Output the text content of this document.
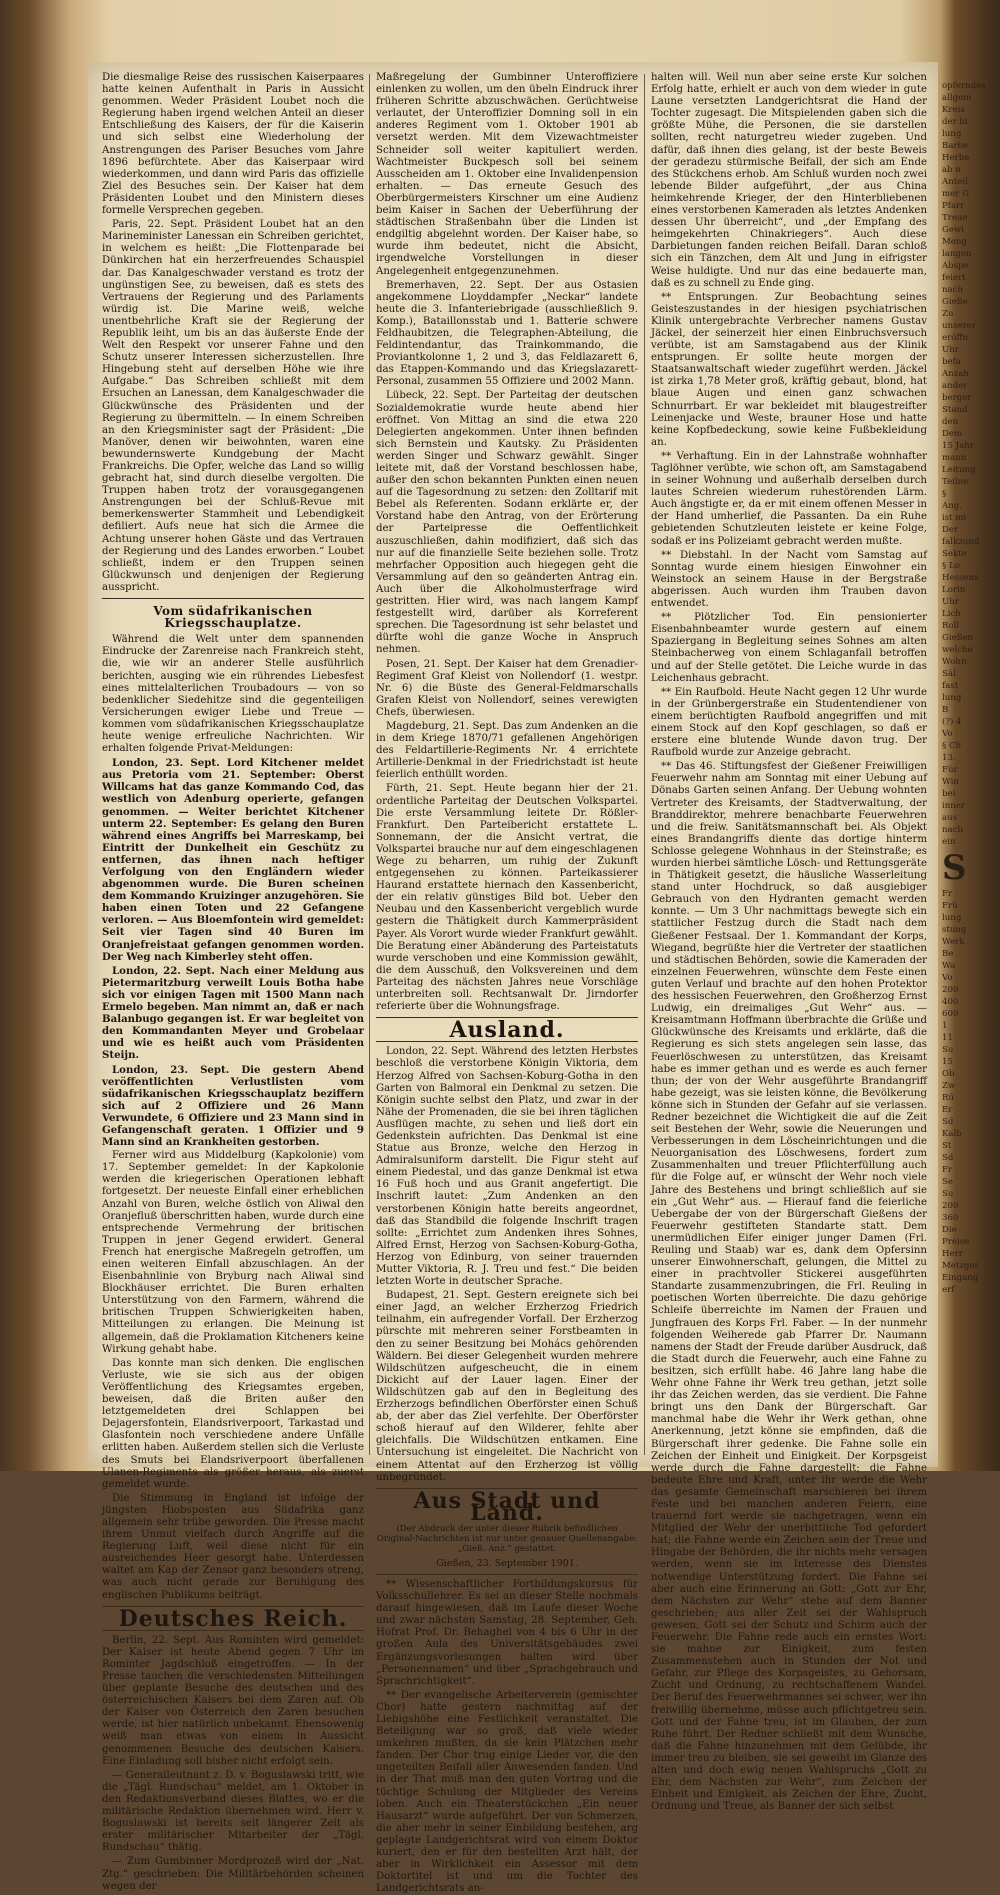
Die diesmalige Reise des russischen Kaiserpaares hatte keinen Aufenthalt in Paris in Aussicht genommen. Weder Präsident Loubet noch die Regierung haben irgend welchen Anteil an dieser Entschließung des Kaisers, der für die Kaiserin und sich selbst eine Wiederholung der Anstrengungen des Pariser Besuches vom Jahre 1896 befürchtete. Aber das Kaiserpaar wird wiederkommen, und dann wird Paris das offizielle Ziel des Besuches sein. Der Kaiser hat dem Präsidenten Loubet und den Ministern dieses formelle Versprechen gegeben.

Paris, 22. Sept. Präsident Loubet hat an den Marineminister Lanessan ein Schreiben gerichtet, in welchem es heißt: „Die Flottenparade bei Dünkirchen hat ein herzerfreuendes Schauspiel dar. Das Kanalgeschwader verstand es trotz der ungünstigen See, zu beweisen, daß es stets des Vertrauens der Regierung und des Parlaments würdig ist. Die Marine weiß, welche unentbehrliche Kraft sie der Regierung der Republik leiht, um bis an das äußerste Ende der Welt den Respekt vor unserer Fahne und den Schutz unserer Interessen sicherzustellen. Ihre Hingebung steht auf derselben Höhe wie ihre Aufgabe.“ Das Schreiben schließt mit dem Ersuchen an Lanessan, dem Kanalgeschwader die Glückwünsche des Präsidenten und der Regierung zu übermitteln. — In einem Schreiben an den Kriegsminister sagt der Präsident: „Die Manöver, denen wir beiwohnten, waren eine bewundernswerte Kundgebung der Macht Frankreichs. Die Opfer, welche das Land so willig gebracht hat, sind durch dieselbe vergolten. Die Truppen haben trotz der vorausgegangenen Anstrengungen bei der Schluß-Revue mit bemerkenswerter Stammheit und Lebendigkeit defiliert. Aufs neue hat sich die Armee die Achtung unserer hohen Gäste und das Vertrauen der Regierung und des Landes erworben.“ Loubet schließt, indem er den Truppen seinen Glückwunsch und denjenigen der Regierung ausspricht.

Vom südafrikanischen Kriegsschauplatze.

Während die Welt unter dem spannenden Eindrucke der Zarenreise nach Frankreich steht, die, wie wir an anderer Stelle ausführlich berichten, ausging wie ein rührendes Liebesfest eines mittelalterlichen Troubadours — von so bedenklicher Siedehitze sind die gegenteiligen Versicherungen ewiger Liebe und Treue — kommen vom südafrikanischen Kriegsschauplatze heute wenige erfreuliche Nachrichten. Wir erhalten folgende Privat-Meldungen:

London, 23. Sept. Lord Kitchener meldet aus Pretoria vom 21. September: Oberst Willcams hat das ganze Kommando Cod, das westlich von Adenburg operierte, gefangen genommen. — Weiter berichtet Kitchener unterm 22. September: Es gelang den Buren während eines Angriffs bei Marreskamp, bei Eintritt der Dunkelheit ein Geschütz zu entfernen, das ihnen nach heftiger Verfolgung von den Engländern wieder abgenommen wurde. Die Buren scheinen dem Kommando Kruizinger anzugehören. Sie haben einen Toten und 22 Gefangene verloren. — Aus Bloemfontein wird gemeldet: Seit vier Tagen sind 40 Buren im Oranjefreistaat gefangen genommen worden. Der Weg nach Kimberley steht offen.

London, 22. Sept. Nach einer Meldung aus Pietermaritzburg verweilt Louis Botha habe sich vor einigen Tagen mit 1500 Mann nach Ermelo begeben. Man nimmt an, daß er nach Balanbugo gegangen ist. Er war begleitet von den Kommandanten Meyer und Grobelaar und wie es heißt auch vom Präsidenten Steijn.

London, 23. Sept. Die gestern Abend veröffentlichten Verlustlisten vom südafrikanischen Kriegsschauplatz beziffern sich auf 2 Offiziere und 26 Mann Verwundete, 6 Offiziere und 23 Mann sind in Gefangenschaft geraten. 1 Offizier und 9 Mann sind an Krankheiten gestorben.

Ferner wird aus Middelburg (Kapkolonie) vom 17. September gemeldet: In der Kapkolonie werden die kriegerischen Operationen lebhaft fortgesetzt. Der neueste Einfall einer erheblichen Anzahl von Buren, welche östlich von Aliwal den Oranjefluß überschritten haben, wurde durch eine entsprechende Vermehrung der britischen Truppen in jener Gegend erwidert. General French hat energische Maßregeln getroffen, um einen weiteren Einfall abzuschlagen. An der Eisenbahnlinie von Bryburg nach Aliwal sind Blockhäuser errichtet. Die Buren erhalten Unterstützung von den Farmern, während die britischen Truppen Schwierigkeiten haben, Mitteilungen zu erlangen. Die Meinung ist allgemein, daß die Proklamation Kitcheners keine Wirkung gehabt habe.

Das konnte man sich denken. Die englischen Verluste, wie sie sich aus der obigen Veröffentlichung des Kriegsamtes ergeben, beweisen, daß die Briten außer den letztgemeldeten drei Schlappen bei Dejagersfontein, Elandsriverpoort, Tarkastad und Glasfontein noch verschiedene andere Unfälle erlitten haben. Außerdem stellen sich die Verluste des Smuts bei Elandsriverpoort überfallenen Ulanen-Regiments als größer heraus, als zuerst gemeldet wurde.

Die Stimmung in England ist infolge der jüngsten Hiobsposten aus Südafrika ganz allgemein sehr trübe geworden. Die Presse macht ihrem Unmut vielfach durch Angriffe auf die Regierung Luft, weil diese nicht für ein ausreichendes Heer gesorgt habe. Unterdessen waltet am Kap der Zensor ganz besonders streng, was auch nicht gerade zur Beruhigung des englischen Publikums beiträgt.

Deutsches Reich.

Berlin, 22. Sept. Aus Rominten wird gemeldet: Der Kaiser ist heute Abend gegen 7 Uhr im Rominter Jagdschloß eingetroffen. — In der Presse tauchen die verschiedensten Mitteilungen über geplante Besuche des deutschen und des österreichischen Kaisers bei dem Zaren auf. Ob der Kaiser von Österreich den Zaren besuchen werde, ist hier natürlich unbekannt. Ebensowenig weiß man etwas von einem in Aussicht genommenen Besuche des deutschen Kaisers. Eine Einladung soll bisher nicht erfolgt sein.

— Generalleutnant z. D. v. Boguslawski tritt, wie die „Tägl. Rundschau“ meldet, am 1. Oktober in den Redaktionsverband dieses Blattes, wo er die militärische Redaktion übernehmen wird. Herr v. Boguslawski ist bereits seit längerer Zeit als erster militärischer Mitarbeiter der „Tägl. Rundschau“ thätig.

— Zum Gumbinner Mordprozeß wird der „Nat. Ztg.“ geschrieben: Die Militärbehörden scheinen wegen der

Maßregelung der Gumbinner Unteroffiziere einlenken zu wollen, um den übeln Eindruck ihrer früheren Schritte abzuschwächen. Gerüchtweise verlautet, der Unteroffizier Domning soll in ein anderes Regiment vom 1. Oktober 1901 ab versetzt werden. Mit dem Vizewachtmeister Schneider soll weiter kapituliert werden. Wachtmeister Buckpesch soll bei seinem Ausscheiden am 1. Oktober eine Invalidenpension erhalten. — Das erneute Gesuch des Oberbürgermeisters Kirschner um eine Audienz beim Kaiser in Sachen der Ueberführung der städtischen Straßenbahn über die Linden ist endgiltig abgelehnt worden. Der Kaiser habe, so wurde ihm bedeutet, nicht die Absicht, irgendwelche Vorstellungen in dieser Angelegenheit entgegenzunehmen.

Bremerhaven, 22. Sept. Der aus Ostasien angekommene Lloyddampfer „Neckar“ landete heute die 3. Infanteriebrigade (ausschließlich 9. Komp.), Bataillonsstab und 1. Batterie schwere Feldhaubitzen, die Telegraphen-Abteilung, die Feldintendantur, das Trainkommando, die Proviantkolonne 1, 2 und 3, das Feldlazarett 6, das Etappen-Kommando und das Kriegslazarett-Personal, zusammen 55 Offiziere und 2002 Mann.

Lübeck, 22. Sept. Der Parteitag der deutschen Sozialdemokratie wurde heute abend hier eröffnet. Von Mittag an sind die etwa 220 Delegierten angekommen. Unter ihnen befinden sich Bernstein und Kautsky. Zu Präsidenten werden Singer und Schwarz gewählt. Singer leitete mit, daß der Vorstand beschlossen habe, außer den schon bekannten Punkten einen neuen auf die Tagesordnung zu setzen: den Zolltarif mit Bebel als Referenten. Sodann erklärte er, der Vorstand habe den Antrag, von der Erörterung der Parteipresse die Oeffentlichkeit auszuschließen, dahin modifiziert, daß sich das nur auf die finanzielle Seite beziehen solle. Trotz mehrfacher Opposition auch hiegegen geht die Versammlung auf den so geänderten Antrag ein. Auch über die Alkoholmusterfrage wird gestritten. Hier wird, was nach langem Kampf festgestellt wird, darüber als Korreferent sprechen. Die Tagesordnung ist sehr belastet und dürfte wohl die ganze Woche in Anspruch nehmen.

Posen, 21. Sept. Der Kaiser hat dem Grenadier-Regiment Graf Kleist von Nollendorf (1. westpr. Nr. 6) die Büste des General-Feldmarschalls Grafen Kleist von Nollendorf, seines verewigten Chefs, überwiesen.

Magdeburg, 21. Sept. Das zum Andenken an die in dem Kriege 1870/71 gefallenen Angehörigen des Feldartillerie-Regiments Nr. 4 errichtete Artillerie-Denkmal in der Friedrichstadt ist heute feierlich enthüllt worden.

Fürth, 21. Sept. Heute begann hier der 21. ordentliche Parteitag der Deutschen Volkspartei. Die erste Versammlung leitete Dr. Rößler-Frankfurt. Den Parteibericht erstattete L. Sonnemann, der die Ansicht vertrat, die Volkspartei brauche nur auf dem eingeschlagenen Wege zu beharren, um ruhig der Zukunft entgegensehen zu können. Parteikassierer Haurand erstattete hiernach den Kassenbericht, der ein relativ günstiges Bild bot. Ueber den Neubau und den Kassenbericht vergeblich wurde gestern die Thätigkeit durch Kammerpräsident Payer. Als Vorort wurde wieder Frankfurt gewählt. Die Beratung einer Abänderung des Parteistatuts wurde verschoben und eine Kommission gewählt, die dem Ausschuß, den Volksvereinen und dem Parteitag des nächsten Jahres neue Vorschläge unterbreiten soll. Rechtsanwalt Dr. Jirndorfer referierte über die Wohnungsfrage.

Ausland.

London, 22. Sept. Während des letzten Herbstes beschloß die verstorbene Königin Viktoria, dem Herzog Alfred von Sachsen-Koburg-Gotha in den Garten von Balmoral ein Denkmal zu setzen. Die Königin suchte selbst den Platz, und zwar in der Nähe der Promenaden, die sie bei ihren täglichen Ausflügen machte, zu sehen und ließ dort ein Gedenkstein aufrichten. Das Denkmal ist eine Statue aus Bronze, welche den Herzog in Admiralsuniform darstellt. Die Figur steht auf einem Piedestal, und das ganze Denkmal ist etwa 16 Fuß hoch und aus Granit angefertigt. Die Inschrift lautet: „Zum Andenken an den verstorbenen Königin hatte bereits angeordnet, daß das Standbild die folgende Inschrift tragen sollte: „Errichtet zum Andenken ihres Sohnes, Alfred Ernst, Herzog von Sachsen-Koburg-Gotha, Herzog von Edinburg, von seiner trauernden Mutter Viktoria, R. J. Treu und fest.“ Die beiden letzten Worte in deutscher Sprache.

Budapest, 21. Sept. Gestern ereignete sich bei einer Jagd, an welcher Erzherzog Friedrich teilnahm, ein aufregender Vorfall. Der Erzherzog pürschte mit mehreren seiner Forstbeamten in den zu seiner Besitzung bei Mohács gehörenden Wäldern. Bei dieser Gelegenheit wurden mehrere Wildschützen aufgescheucht, die in einem Dickicht auf der Lauer lagen. Einer der Wildschützen gab auf den in Begleitung des Erzherzogs befindlichen Oberförster einen Schuß ab, der aber das Ziel verfehlte. Der Oberförster schoß hierauf auf den Wilderer, fehlte aber gleichfalls. Die Wildschützen entkamen. Eine Untersuchung ist eingeleitet. Die Nachricht von einem Attentat auf den Erzherzog ist völlig unbegründet.

Aus Stadt und Land.
(Der Abdruck der unter dieser Rubrik befindlichen Original-Nachrichten ist nur unter genauer Quellenangabe: „Gieß. Anz.“ gestattet.
Gießen, 23. September 1901.

** Wissenschaftlicher Fortbildungskursus für Volksschullehrer. Es sei an dieser Stelle nochmals darauf hingewiesen, daß im Laufe dieser Woche und zwar nächsten Samstag, 28. September, Geh. Hofrat Prof. Dr. Behaghel von 4 bis 6 Uhr in der großen Aula des Universitätsgebäudes zwei Ergänzungsvorlesungen halten wird über „Personennamen“ und über „Sprachgebrauch und Sprachrichtigkeit“.

** Der evangelische Arbeiterverein (gemischter Chor) hatte gestern nachmittag auf der Liebigshöhe eine Festlichkeit veranstaltet. Die Beteiligung war so groß, daß viele wieder umkehren mußten, da sie kein Plätzchen mehr fanden. Der Chor trug einige Lieder vor, die den ungeteilten Beifall aller Anwesenden fanden. Und in der That muß man den guten Vortrag und die tüchtige Schulung der Mitglieder des Vereins loben. Auch ein Theaterstückchen „Ein neuer Hausarzt“ wurde aufgeführt. Der von Schmerzen, die aber mehr in seiner Einbildung bestehen, arg geplagte Landgerichtsrat wird von einem Doktor kuriert, den er für den bestellten Arzt hält, der aber in Wirklichkeit ein Assessor mit dem Doktortitel ist und um die Tochter des Landgerichtsrats an-

halten will. Weil nun aber seine erste Kur solchen Erfolg hatte, erhielt er auch von dem wieder in gute Laune versetzten Landgerichtsrat die Hand der Tochter zugesagt. Die Mitspielenden gaben sich die größte Mühe, die Personen, die sie darstellen sollten, recht naturgetreu wieder zugeben. Und dafür, daß ihnen dies gelang, ist der beste Beweis der geradezu stürmische Beifall, der sich am Ende des Stückchens erhob. Am Schluß wurden noch zwei lebende Bilder aufgeführt, „der aus China heimkehrende Krieger, der den Hinterbliebenen eines verstorbenen Kameraden als letztes Andenken dessen Uhr überreicht“, und „der Empfang des heimgekehrten Chinakriegers“. Auch diese Darbietungen fanden reichen Beifall. Daran schloß sich ein Tänzchen, dem Alt und Jung in eifrigster Weise huldigte. Und nur das eine bedauerte man, daß es zu schnell zu Ende ging.

** Entsprungen. Zur Beobachtung seines Geisteszustandes in der hiesigen psychiatrischen Klinik untergebrachte Verbrecher namens Gustav Jäckel, der seinerzeit hier einen Einbruchsversuch verübte, ist am Samstagabend aus der Klinik entsprungen. Er sollte heute morgen der Staatsanwaltschaft wieder zugeführt werden. Jäckel ist zirka 1,78 Meter groß, kräftig gebaut, blond, hat blaue Augen und einen ganz schwachen Schnurrbart. Er war bekleidet mit blaugestreifter Leinenjacke und Weste, brauner Hose und hatte keine Kopfbedeckung, sowie keine Fußbekleidung an.

** Verhaftung. Ein in der Lahnstraße wohnhafter Taglöhner verübte, wie schon oft, am Samstagabend in seiner Wohnung und außerhalb derselben durch lautes Schreien wiederum ruhestörenden Lärm. Auch ängstigte er, da er mit einem offenen Messer in der Hand umherlief, die Passanten. Da ein Ruhe gebietenden Schutzleuten leistete er keine Folge, sodaß er ins Polizeiamt gebracht werden mußte.

** Diebstahl. In der Nacht vom Samstag auf Sonntag wurde einem hiesigen Einwohner ein Weinstock an seinem Hause in der Bergstraße abgerissen. Auch wurden ihm Trauben davon entwendet.

** Plötzlicher Tod. Ein pensionierter Eisenbahnbeamter wurde gestern auf einem Spaziergang in Begleitung seines Sohnes am alten Steinbacherweg von einem Schlaganfall betroffen und auf der Stelle getötet. Die Leiche wurde in das Leichenhaus gebracht.

** Ein Raufbold. Heute Nacht gegen 12 Uhr wurde in der Grünbergerstraße ein Studentendiener von einem berüchtigten Raufbold angegriffen und mit einem Stock auf den Kopf geschlagen, so daß er erstere eine blutende Wunde davon trug. Der Raufbold wurde zur Anzeige gebracht.

** Das 46. Stiftungsfest der Gießener Freiwilligen Feuerwehr nahm am Sonntag mit einer Uebung auf Dönabs Garten seinen Anfang. Der Uebung wohnten Vertreter des Kreisamts, der Stadtverwaltung, der Branddirektor, mehrere benachbarte Feuerwehren und die freiw. Sanitätsmannschaft bei. Als Objekt eines Brandangriffs diente das dortige hinterm Schlosse gelegene Wohnhaus in der Steinstraße; es wurden hierbei sämtliche Lösch- und Rettungsgeräte in Thätigkeit gesetzt, die häusliche Wasserleitung stand unter Hochdruck, so daß ausgiebiger Gebrauch von den Hydranten gemacht werden konnte. — Um 3 Uhr nachmittags bewegte sich ein stattlicher Festzug durch die Stadt nach dem Gießener Festsaal. Der 1. Kommandant der Korps, Wiegand, begrüßte hier die Vertreter der staatlichen und städtischen Behörden, sowie die Kameraden der einzelnen Feuerwehren, wünschte dem Feste einen guten Verlauf und brachte auf den hohen Protektor des hessischen Feuerwehren, den Großherzog Ernst Ludwig, ein dreimaliges „Gut Wehr“ aus. — Kreisamtmann Hoffmann überbrachte die Grüße und Glückwünsche des Kreisamts und erklärte, daß die Regierung es sich stets angelegen sein lasse, das Feuerlöschwesen zu unterstützen, das Kreisamt habe es immer gethan und es werde es auch ferner thun; der von der Wehr ausgeführte Brandangriff habe gezeigt, was sie leisten könne, die Bevölkerung könne sich in Stunden der Gefahr auf sie verlassen. Redner bezeichnet die Wichtigkeit die auf die Zeit seit Bestehen der Wehr, sowie die Neuerungen und Verbesserungen in dem Löscheinrichtungen und die Neuorganisation des Löschwesens, fordert zum Zusammenhalten und treuer Pflichterfüllung auch für die Folge auf, er wünscht der Wehr noch viele Jahre des Bestehens und bringt schließlich auf sie ein „Gut Wehr“ aus. — Hierauf fand die feierliche Uebergabe der von der Bürgerschaft Gießens der Feuerwehr gestifteten Standarte statt. Dem unermüdlichen Eifer einiger junger Damen (Frl. Reuling und Staab) war es, dank dem Opfersinn unserer Einwohnerschaft, gelungen, die Mittel zu einer in prachtvoller Stickerei ausgeführten Standarte zusammenzubringen, die Frl. Reuling in poetischen Worten überreichte. Die dazu gehörige Schleife überreichte im Namen der Frauen und Jungfrauen des Korps Frl. Faber. — In der nunmehr folgenden Weiherede gab Pfarrer Dr. Naumann namens der Stadt der Freude darüber Ausdruck, daß die Stadt durch die Feuerwehr, auch eine Fahne zu besitzen, sich erfüllt habe. 46 Jahre lang habe die Wehr ohne Fahne ihr Werk treu gethan, jetzt solle ihr das Zeichen werden, das sie verdient. Die Fahne bringt uns den Dank der Bürgerschaft. Gar manchmal habe die Wehr ihr Werk gethan, ohne Anerkennung, jetzt könne sie empfinden, daß die Bürgerschaft ihrer gedenke. Die Fahne solle ein Zeichen der Einheit und Einigkeit. Der Korpsgeist werde durch die Fahne dargestellt; die Fahne bedeute Ehre und Kraft, unter ihr werde die Wehr das gesamte Gemeinschaft marschieren bei ihrem Feste und bei manchen anderen Feiern, eine trauernd fort werde sie nachgetragen, wenn ein Mitglied der Wehr der unerbittliche Tod gefordert hat; die Fahne werde ein Zeichen sein der Treue und Hingabe der Behörden, die ihr nichts mehr versagen werden, wenn sie im Interesse des Dienstes notwendige Unterstützung fordert. Die Fahne sei aber auch eine Erinnerung an Gott: „Gott zur Ehr, dem Nächsten zur Wehr“ stehe auf dem Banner geschrieben; aus aller Zeit sei der Wahlspruch gewesen, Gott sei der Schutz und Schirm auch der Feuerwehr. Die Fahne rede auch ein ernstes Wort: sie mahne zur Einigkeit, zum festen Zusammenstehen auch in Stunden der Not und Gefahr, zur Pflege des Korpsgeistes, zu Gehorsam, Zucht und Ordnung, zu rechtschaffenem Wandel. Der Beruf des Feuerwehrmannes sei schwer, wer ihn freiwillig übernehme, müsse auch pflichtgetreu sein. Gott und der Fahne treu, ist im Glauben, der zum Ruhe führt. Der Redner schließt mit dem Wunsche, daß die Fahne hinzunehmen mit dem Gelübde, ihr immer treu zu bleiben, sie sei geweiht im Glanze des alten und doch ewig neuen Wahlspruchs „Gott zu Ehr, dem Nächsten zur Wehr“, zum Zeichen der Einheit und Einigkeit, als Zeichen der Ehre, Zucht, Ordnung und Treue, als Banner der sich selbst

opferndes
allgem
Kreis
der bi
lung
Barbe
Herbe
ab n
Anteil
mer G
Pfarr
Treue
Gewi
Meng
langen
Abspe
feiert
nach
Gieße
Zu
unserer
eröffn
Uhr
befa
Anzah
ander
berger
Stand
den
Dem
15 Jahr
mann
Leitung
Teilne
§
Ang.
ist mi
Der
falkzund
Sekte
§ Lo
Hessens
Lorin
Uhr
Lich
Roll
Gießen
welche
Wohn
Säl
fast
lung
B
(?) 4
Vo
§ Ch
13.
Für
Win
bei
inner
aus
nach
ein
S
Fr
Frü
lung
stung
Werk
Be
Wa
Vo
200
400
600
1
11
Su
15
Ob
Zw
Rü
Er
Sd
Kalb
St
Sd
Fr
Se
Su
200
360
Die
Preise
Herr
Metzger
Eingang
erf
